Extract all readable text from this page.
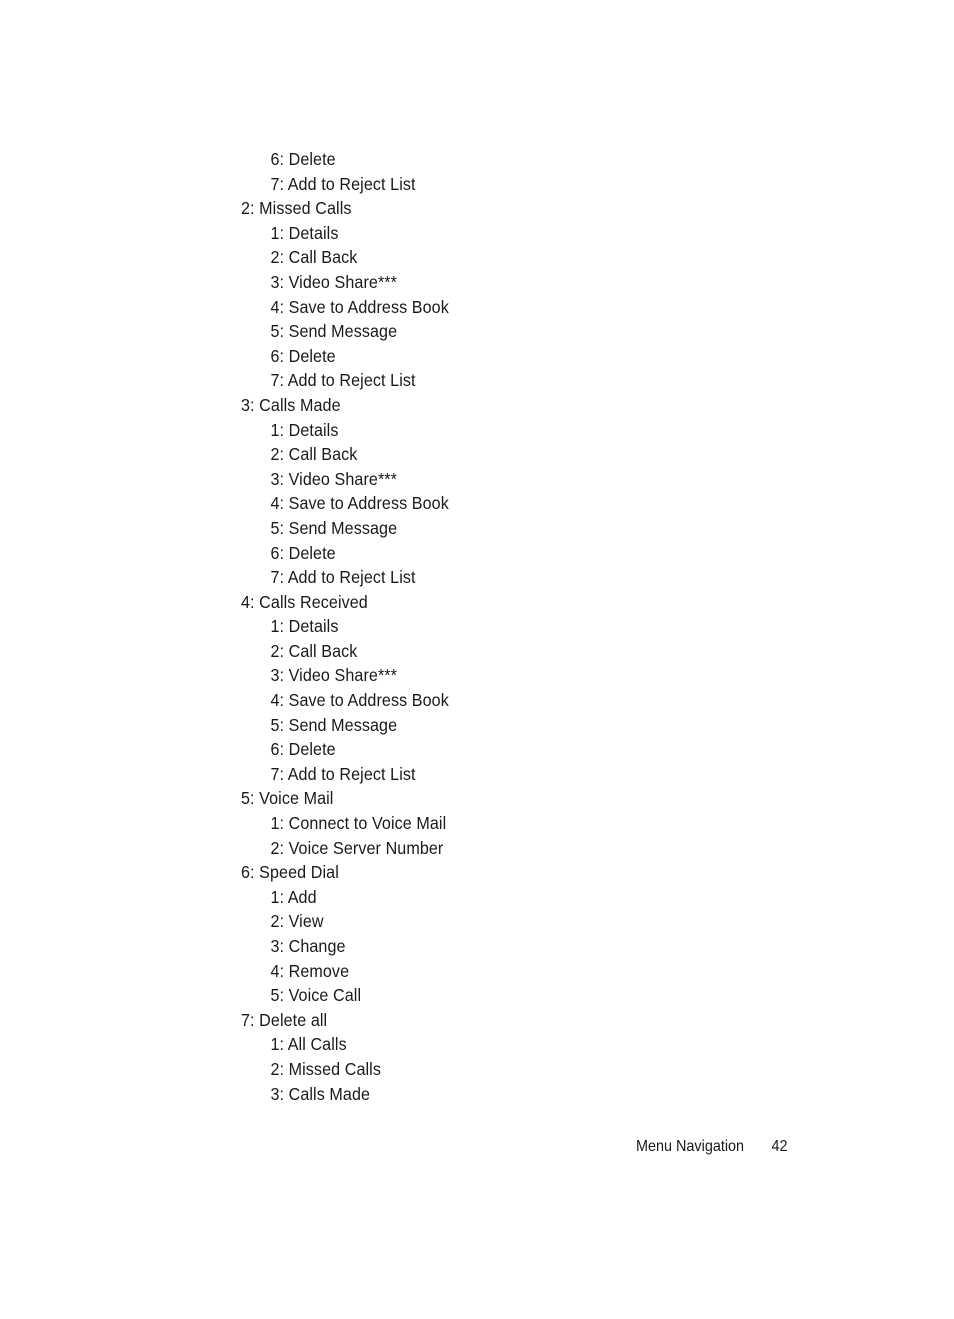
6: Delete
7: Add to Reject List
2: Missed Calls
1: Details
2: Call Back
3: Video Share***
4: Save to Address Book
5: Send Message
6: Delete
7: Add to Reject List
3: Calls Made
1: Details
2: Call Back
3: Video Share***
4: Save to Address Book
5: Send Message
6: Delete
7: Add to Reject List
4: Calls Received
1: Details
2: Call Back
3: Video Share***
4: Save to Address Book
5: Send Message
6: Delete
7: Add to Reject List
5: Voice Mail
1: Connect to Voice Mail
2: Voice Server Number
6: Speed Dial
1: Add
2: View
3: Change
4: Remove
5: Voice Call
7: Delete all
1: All Calls
2: Missed Calls
3: Calls Made
Menu Navigation 42
